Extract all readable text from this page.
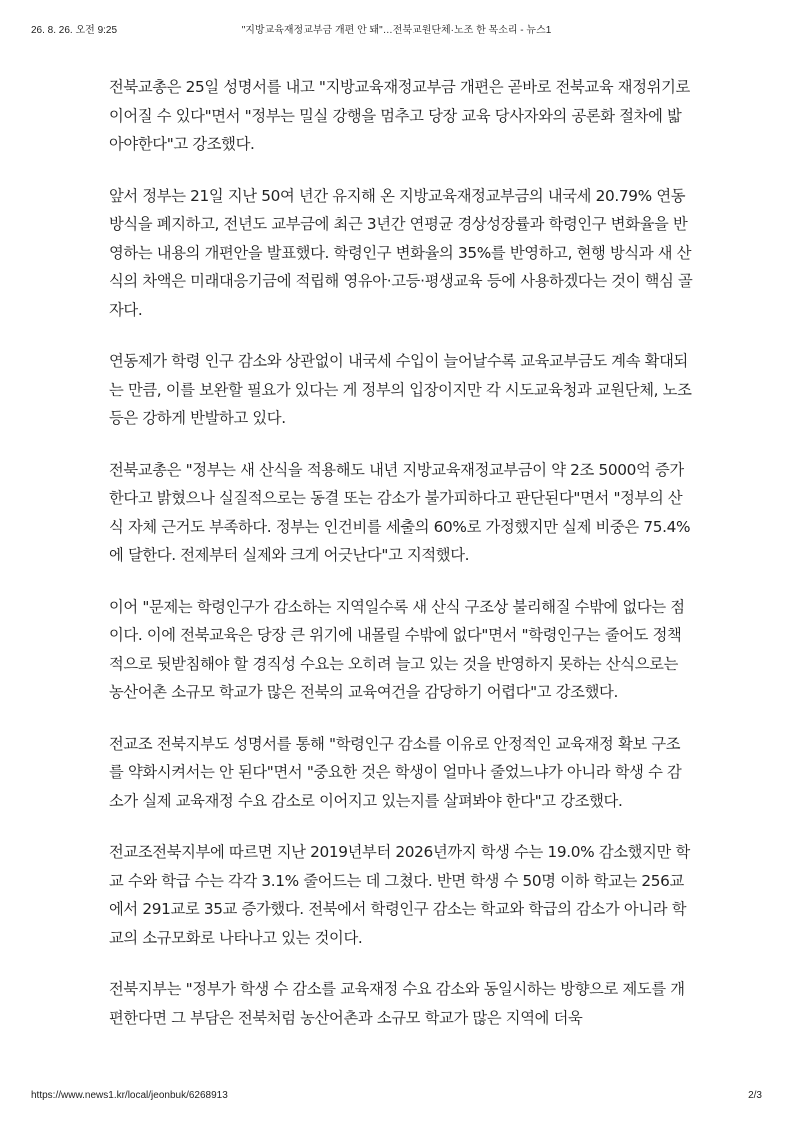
26. 8. 26. 오전 9:25	"지방교육재정교부금 개편 안 돼"…전북교원단체·노조 한 목소리 - 뉴스1

전북교총은 25일 성명서를 내고 "지방교육재정교부금 개편은 곧바로 전북교육 재정위기로 이어질 수 있다"면서 "정부는 밀실 강행을 멈추고 당장 교육 당사자와의 공론화 절차에 밟아야한다"고 강조했다.

앞서 정부는 21일 지난 50여 년간 유지해 온 지방교육재정교부금의 내국세 20.79% 연동 방식을 폐지하고, 전년도 교부금에 최근 3년간 연평균 경상성장률과 학령인구 변화율을 반영하는 내용의 개편안을 발표했다. 학령인구 변화율의 35%를 반영하고, 현행 방식과 새 산식의 차액은 미래대응기금에 적립해 영유아·고등·평생교육 등에 사용하겠다는 것이 핵심 골자다.

연동제가 학령 인구 감소와 상관없이 내국세 수입이 늘어날수록 교육교부금도 계속 확대되는 만큼, 이를 보완할 필요가 있다는 게 정부의 입장이지만 각 시도교육청과 교원단체, 노조 등은 강하게 반발하고 있다.

전북교총은 "정부는 새 산식을 적용해도 내년 지방교육재정교부금이 약 2조 5000억 증가한다고 밝혔으나 실질적으로는 동결 또는 감소가 불가피하다고 판단된다"면서 "정부의 산식 자체 근거도 부족하다. 정부는 인건비를 세출의 60%로 가정했지만 실제 비중은 75.4%에 달한다. 전제부터 실제와 크게 어긋난다"고 지적했다.

이어 "문제는 학령인구가 감소하는 지역일수록 새 산식 구조상 불리해질 수밖에 없다는 점이다. 이에 전북교육은 당장 큰 위기에 내몰릴 수밖에 없다"면서 "학령인구는 줄어도 정책적으로 뒷받침해야 할 경직성 수요는 오히려 늘고 있는 것을 반영하지 못하는 산식으로는 농산어촌 소규모 학교가 많은 전북의 교육여건을 감당하기 어렵다"고 강조했다.

전교조 전북지부도 성명서를 통해 "학령인구 감소를 이유로 안정적인 교육재정 확보 구조를 약화시켜서는 안 된다"면서 "중요한 것은 학생이 얼마나 줄었느냐가 아니라 학생 수 감소가 실제 교육재정 수요 감소로 이어지고 있는지를 살펴봐야 한다"고 강조했다.

전교조전북지부에 따르면 지난 2019년부터 2026년까지 학생 수는 19.0% 감소했지만 학교 수와 학급 수는 각각 3.1% 줄어드는 데 그쳤다. 반면 학생 수 50명 이하 학교는 256교에서 291교로 35교 증가했다. 전북에서 학령인구 감소는 학교와 학급의 감소가 아니라 학교의 소규모화로 나타나고 있는 것이다.

전북지부는 "정부가 학생 수 감소를 교육재정 수요 감소와 동일시하는 방향으로 제도를 개편한다면 그 부담은 전북처럼 농산어촌과 소규모 학교가 많은 지역에 더욱

https://www.news1.kr/local/jeonbuk/6268913	2/3
